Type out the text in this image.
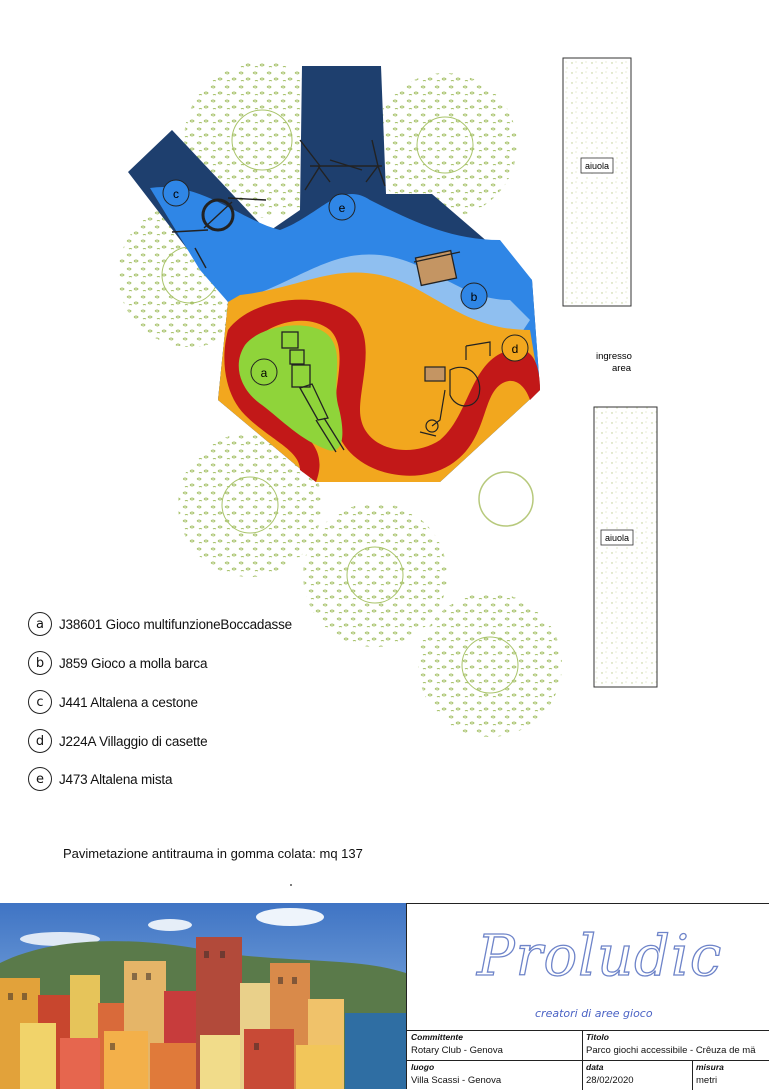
aiuola
aiuola
ingresso
area
a
b
c
d
e
a	J38601 Gioco multifunzioneBoccadasse
b	J859 Gioco a molla barca
c	J441 Altalena a cestone
d	J224A Villaggio di casette
e	J473 Altalena mista
Pavimetazione antitrauma in gomma colata: mq 137
Proludic
creatori di aree gioco
Committente
Rotary Club - Genova
Titolo
Parco giochi accessibile - Crêuza de mä
luogo
Villa Scassi - Genova
data
28/02/2020
misura
metri
